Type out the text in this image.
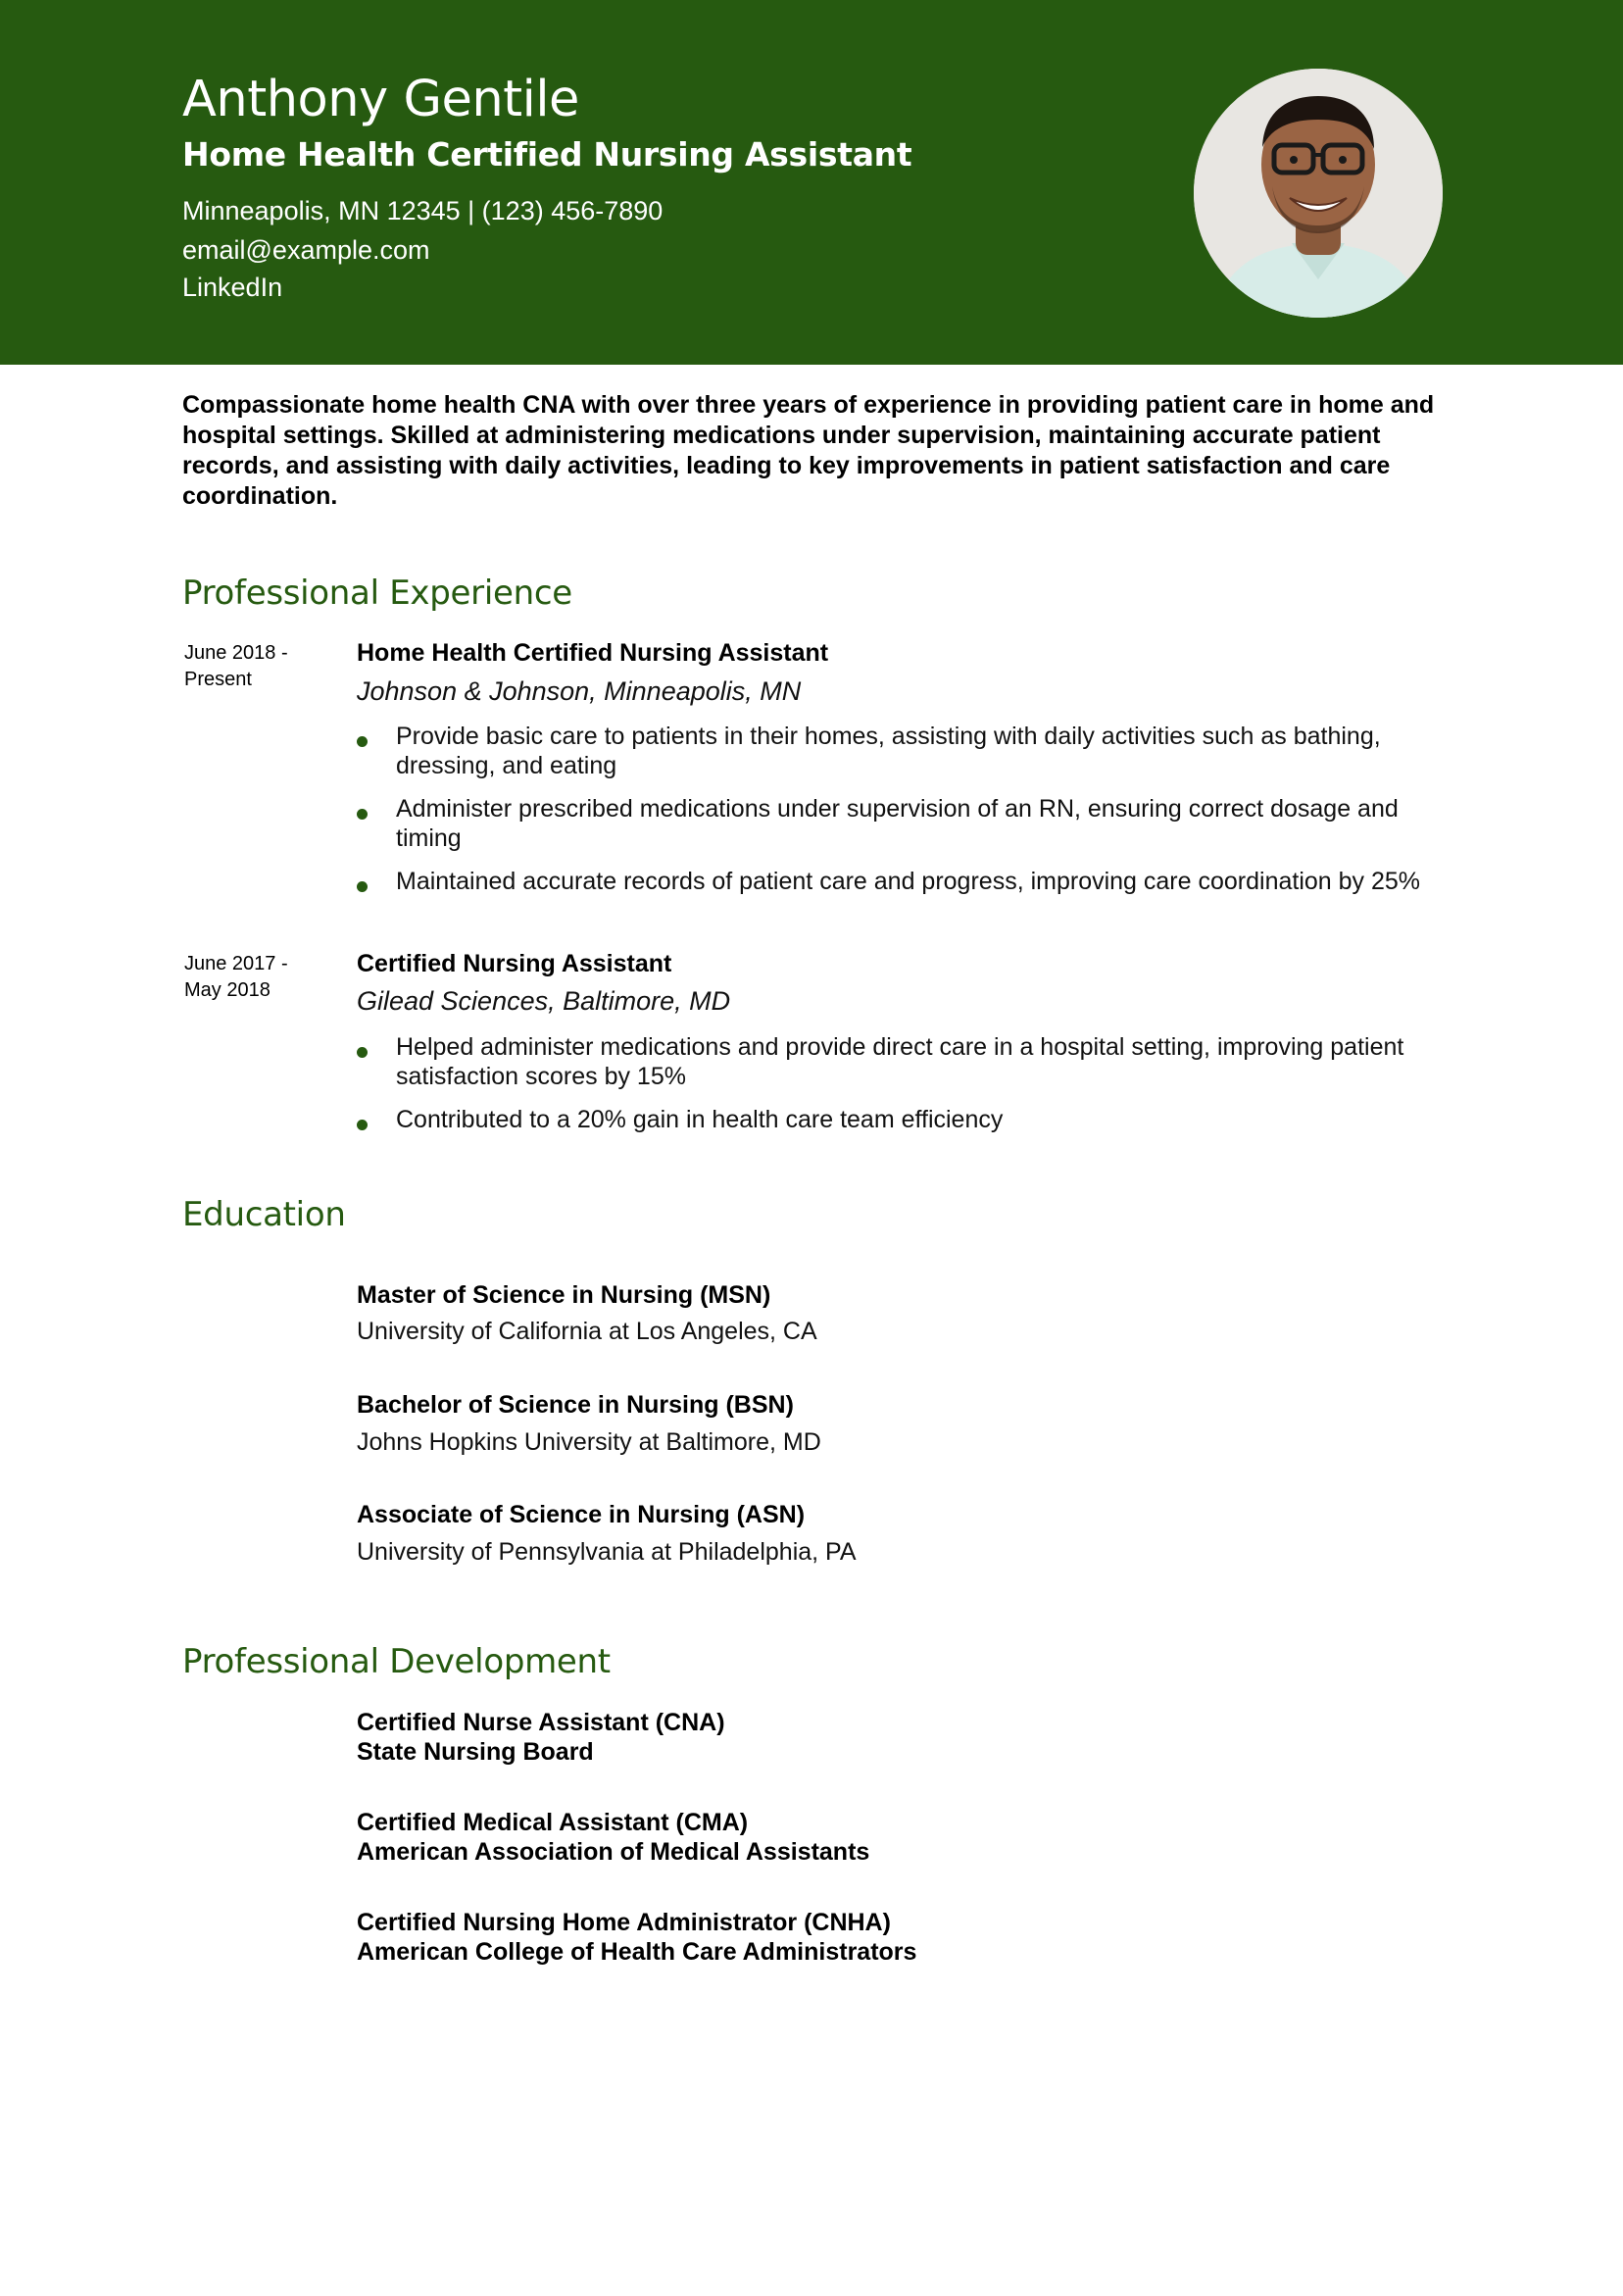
Anthony Gentile
Home Health Certified Nursing Assistant
Minneapolis, MN 12345 | (123) 456-7890
email@example.com
LinkedIn
Compassionate home health CNA with over three years of experience in providing patient care in home and hospital settings. Skilled at administering medications under supervision, maintaining accurate patient records, and assisting with daily activities, leading to key improvements in patient satisfaction and care coordination.
Professional Experience
June 2018 -
Present
Home Health Certified Nursing Assistant
Johnson & Johnson, Minneapolis, MN
Provide basic care to patients in their homes, assisting with daily activities such as bathing, dressing, and eating
Administer prescribed medications under supervision of an RN, ensuring correct dosage and timing
Maintained accurate records of patient care and progress, improving care coordination by 25%
June 2017 -
May 2018
Certified Nursing Assistant
Gilead Sciences, Baltimore, MD
Helped administer medications and provide direct care in a hospital setting, improving patient satisfaction scores by 15%
Contributed to a 20% gain in health care team efficiency
Education
Master of Science in Nursing (MSN)
University of California at Los Angeles, CA
Bachelor of Science in Nursing (BSN)
Johns Hopkins University at Baltimore, MD
Associate of Science in Nursing (ASN)
University of Pennsylvania at Philadelphia, PA
Professional Development
Certified Nurse Assistant (CNA)
State Nursing Board
Certified Medical Assistant (CMA)
American Association of Medical Assistants
Certified Nursing Home Administrator (CNHA)
American College of Health Care Administrators
